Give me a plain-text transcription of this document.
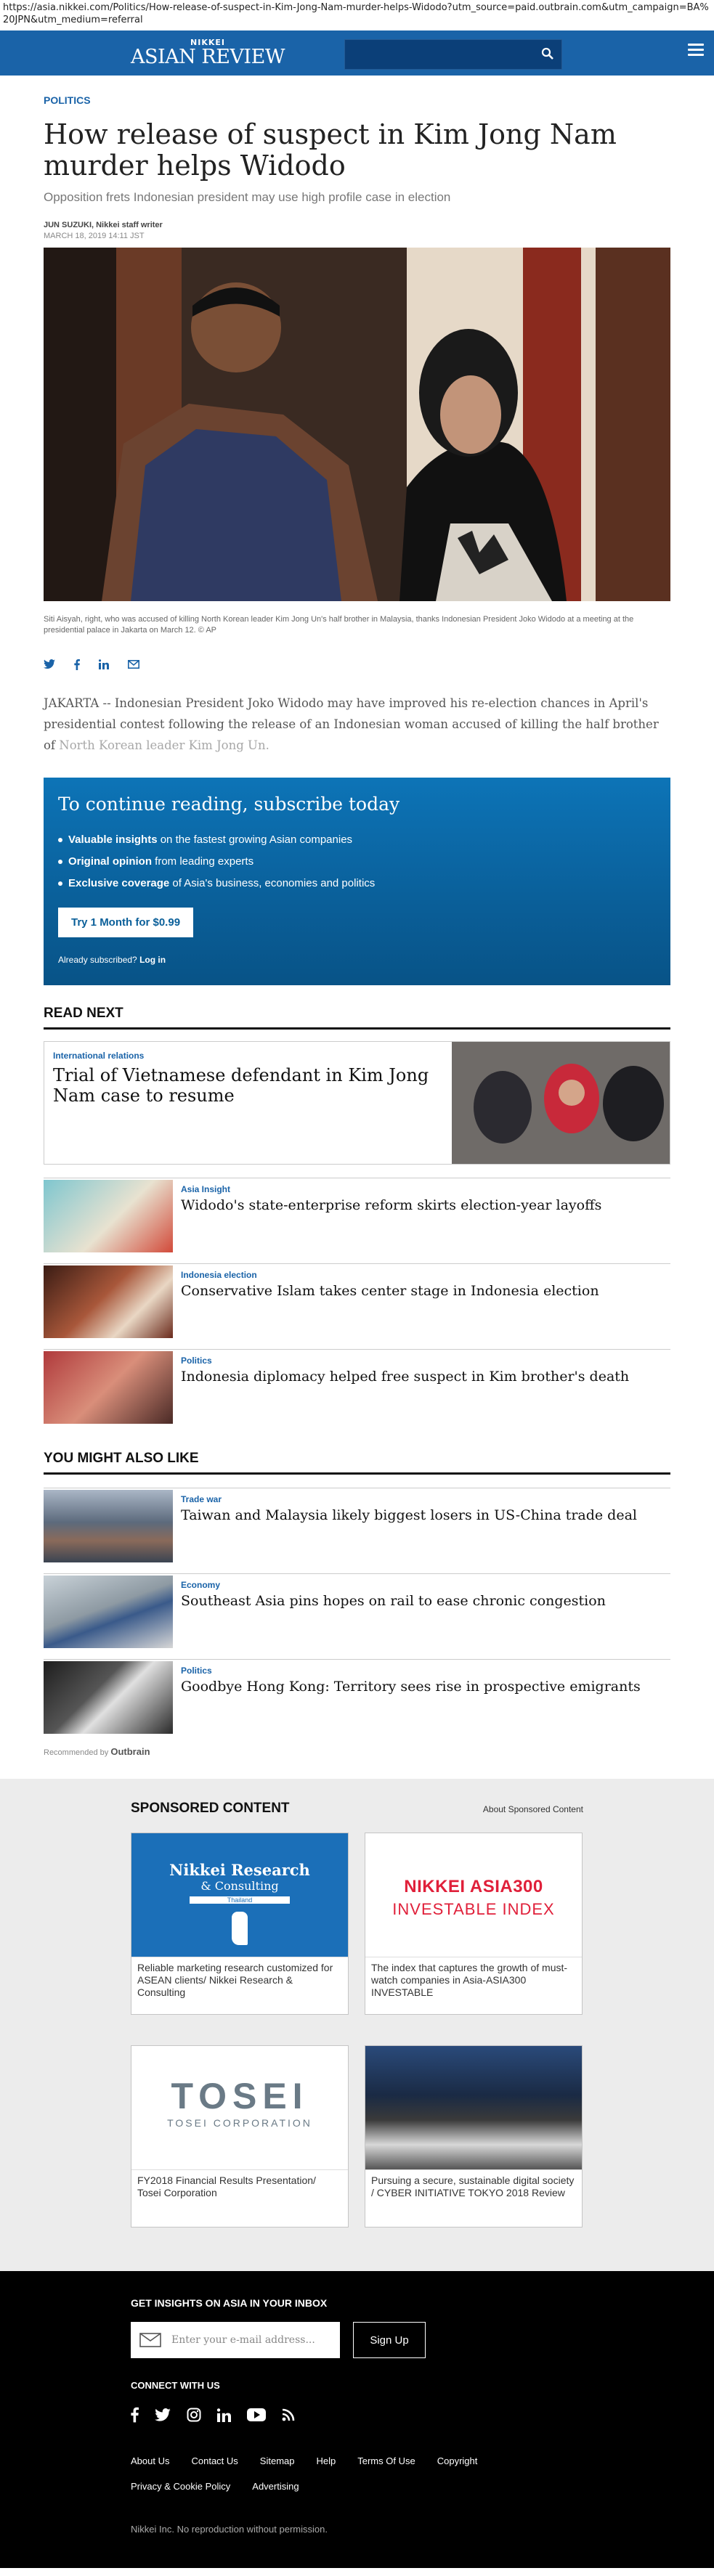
https://asia.nikkei.com/Politics/How-release-of-suspect-in-Kim-Jong-Nam-murder-helps-Widodo?utm_source=paid.outbrain.com&utm_campaign=BA%20JPN&utm_medium=referral
NIKKEI
ASIAN REVIEW
POLITICS
How release of suspect in Kim Jong Nam murder helps Widodo
Opposition frets Indonesian president may use high profile case in election
JUN SUZUKI, Nikkei staff writer
MARCH 18, 2019 14:11 JST
Siti Aisyah, right, who was accused of killing North Korean leader Kim Jong Un's half brother in Malaysia, thanks Indonesian President Joko Widodo at a meeting at the presidential palace in Jakarta on March 12. © AP

JAKARTA -- Indonesian President Joko Widodo may have improved his re-election chances in April's presidential contest following the release of an Indonesian woman accused of killing the half brother of North Korean leader Kim Jong Un.

To continue reading, subscribe today
Valuable insights on the fastest growing Asian companies
Original opinion from leading experts
Exclusive coverage of Asia's business, economies and politics
Try 1 Month for $0.99
Already subscribed? Log in
READ NEXT
International relations
Trial of Vietnamese defendant in Kim Jong Nam case to resume
Asia Insight
Widodo's state-enterprise reform skirts election-year layoffs
Indonesia election
Conservative Islam takes center stage in Indonesia election
Politics
Indonesia diplomacy helped free suspect in Kim brother's death
YOU MIGHT ALSO LIKE
Trade war
Taiwan and Malaysia likely biggest losers in US-China trade deal
Economy
Southeast Asia pins hopes on rail to ease chronic congestion
Politics
Goodbye Hong Kong: Territory sees rise in prospective emigrants
Recommended by Outbrain
SPONSORED CONTENT	About Sponsored Content
Nikkei Research
& Consulting
Thailand
Reliable marketing research customized for ASEAN clients/ Nikkei Research & Consulting
NIKKEI ASIA300
INVESTABLE INDEX
The index that captures the growth of must-watch companies in Asia-ASIA300 INVESTABLE
TOSEI
TOSEI CORPORATION
FY2018 Financial Results Presentation/ Tosei Corporation
Pursuing a secure, sustainable digital society / CYBER INITIATIVE TOKYO 2018 Review
GET INSIGHTS ON ASIA IN YOUR INBOX
Enter your e-mail address...	Sign Up
CONNECT WITH US
About Us Contact Us Sitemap Help Terms Of Use Copyright
Privacy & Cookie Policy Advertising
Nikkei Inc. No reproduction without permission.
